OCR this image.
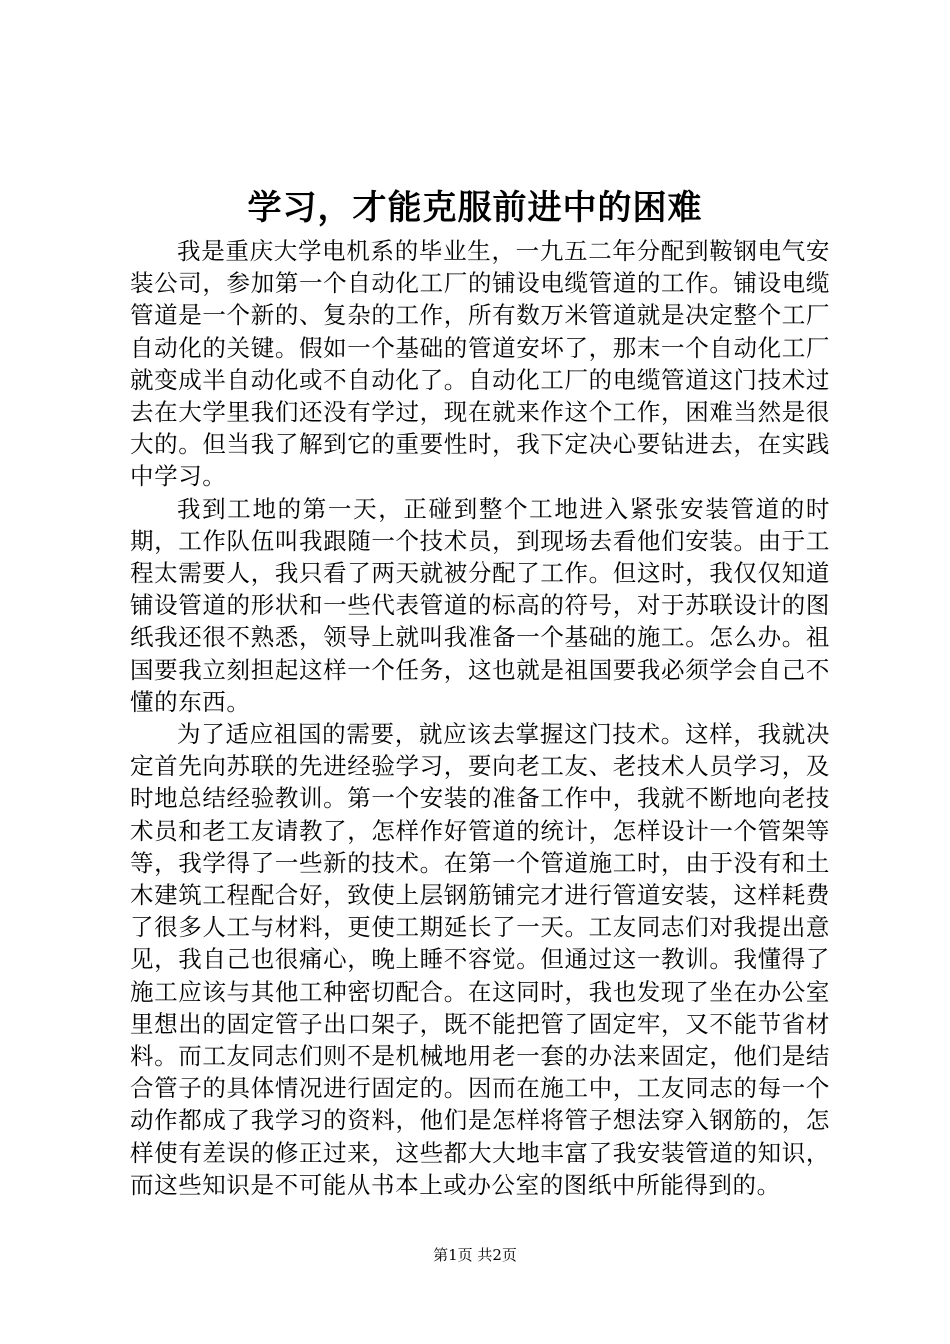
学习，才能克服前进中的困难

我是重庆大学电机系的毕业生，一九五二年分配到鞍钢电气安装公司，参加第一个自动化工厂的铺设电缆管道的工作。铺设电缆管道是一个新的、复杂的工作，所有数万米管道就是决定整个工厂自动化的关键。假如一个基础的管道安坏了，那末一个自动化工厂就变成半自动化或不自动化了。自动化工厂的电缆管道这门技术过去在大学里我们还没有学过，现在就来作这个工作，困难当然是很大的。但当我了解到它的重要性时，我下定决心要钻进去，在实践中学习。

我到工地的第一天，正碰到整个工地进入紧张安装管道的时期，工作队伍叫我跟随一个技术员，到现场去看他们安装。由于工程太需要人，我只看了两天就被分配了工作。但这时，我仅仅知道铺设管道的形状和一些代表管道的标高的符号，对于苏联设计的图纸我还很不熟悉，领导上就叫我准备一个基础的施工。怎么办。祖国要我立刻担起这样一个任务，这也就是祖国要我必须学会自己不懂的东西。

为了适应祖国的需要，就应该去掌握这门技术。这样，我就决定首先向苏联的先进经验学习，要向老工友、老技术人员学习，及时地总结经验教训。第一个安装的准备工作中，我就不断地向老技术员和老工友请教了，怎样作好管道的统计，怎样设计一个管架等等，我学得了一些新的技术。在第一个管道施工时，由于没有和土木建筑工程配合好，致使上层钢筋铺完才进行管道安装，这样耗费了很多人工与材料，更使工期延长了一天。工友同志们对我提出意见，我自己也很痛心，晚上睡不容觉。但通过这一教训。我懂得了施工应该与其他工种密切配合。在这同时，我也发现了坐在办公室里想出的固定管子出口架子，既不能把管了固定牢，又不能节省材料。而工友同志们则不是机械地用老一套的办法来固定，他们是结合管子的具体情况进行固定的。因而在施工中，工友同志的每一个动作都成了我学习的资料，他们是怎样将管子想法穿入钢筋的，怎样使有差误的修正过来，这些都大大地丰富了我安装管道的知识，而这些知识是不可能从书本上或办公室的图纸中所能得到的。

第1页 共2页
